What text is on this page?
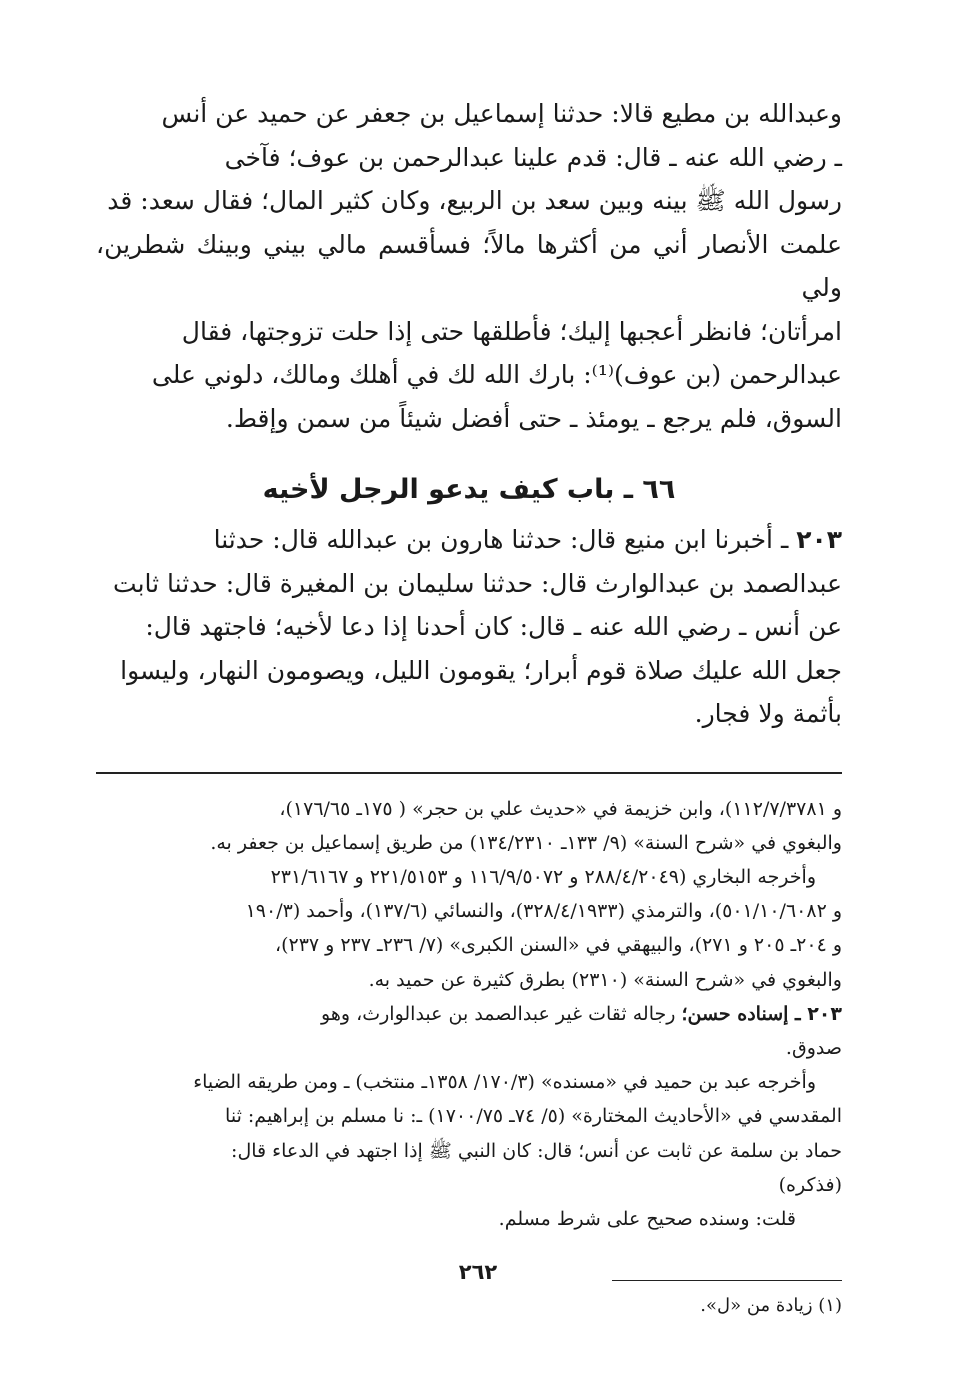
وعبدالله بن مطيع قالا: حدثنا إسماعيل بن جعفر عن حميد عن أنس

ـ رضي الله عنه ـ قال: قدم علينا عبدالرحمن بن عوف؛ فآخى

رسول الله ﷺ بينه وبين سعد بن الربيع، وكان كثير المال؛ فقال سعد: قد

علمت الأنصار أني من أكثرها مالاً؛ فسأقسم مالي بيني وبينك شطرين، ولي

امرأتان؛ فانظر أعجبها إليك؛ فأطلقها حتى إذا حلت تزوجتها، فقال

عبدالرحمن (بن عوف)⁽¹⁾: بارك الله لك في أهلك ومالك، دلوني على

السوق، فلم يرجع ـ يومئذ ـ حتى أفضل شيئاً من سمن وإقط.

٦٦ ـ باب كيف يدعو الرجل لأخيه

٢٠٣ ـ أخبرنا ابن منيع قال: حدثنا هارون بن عبدالله قال: حدثنا

عبدالصمد بن عبدالوارث قال: حدثنا سليمان بن المغيرة قال: حدثنا ثابت

عن أنس ـ رضي الله عنه ـ قال: كان أحدنا إذا دعا لأخيه؛ فاجتهد قال:

جعل الله عليك صلاة قوم أبرار؛ يقومون الليل، ويصومون النهار، وليسوا

بأثمة ولا فجار.

و ١١٢/٧/٣٧٨١)، وابن خزيمة في «حديث علي بن حجر» ( ١٧٥ـ ١٧٦/٦٥)،

والبغوي في «شرح السنة» (٩/ ١٣٣ـ ١٣٤/٢٣١٠) من طريق إسماعيل بن جعفر به.

وأخرجه البخاري (٢٨٨/٤/٢٠٤٩ و ١١٦/٩/٥٠٧٢ و ٢٢١/٥١٥٣ و ٢٣١/٦١٦٧

و ٥٠١/١٠/٦٠٨٢)، والترمذي (٣٢٨/٤/١٩٣٣)، والنسائي (١٣٧/٦)، وأحمد (١٩٠/٣

و ٢٠٤ـ ٢٠٥ و ٢٧١)، والبيهقي في «السنن الكبرى» (٧/ ٢٣٦ـ ٢٣٧ و ٢٣٧)،

والبغوي في «شرح السنة» (٢٣١٠) بطرق كثيرة عن حميد به.

٢٠٣ ـ إسناده حسن؛ رجاله ثقات غير عبدالصمد بن عبدالوارث، وهو

صدوق.

وأخرجه عبد بن حميد في «مسنده» (١٧٠/٣/ ١٣٥٨ـ منتخب) ـ ومن طريقه الضياء

المقدسي في «الأحاديث المختارة» (٥/ ٧٤ـ ١٧٠٠/٧٥) ـ: نا مسلم بن إبراهيم: ثنا

حماد بن سلمة عن ثابت عن أنس؛ قال: كان النبي ﷺ إذا اجتهد في الدعاء قال:

(فذكره)

قلت: وسنده صحيح على شرط مسلم.

(١) زيادة من «ل».

٢٦٢
